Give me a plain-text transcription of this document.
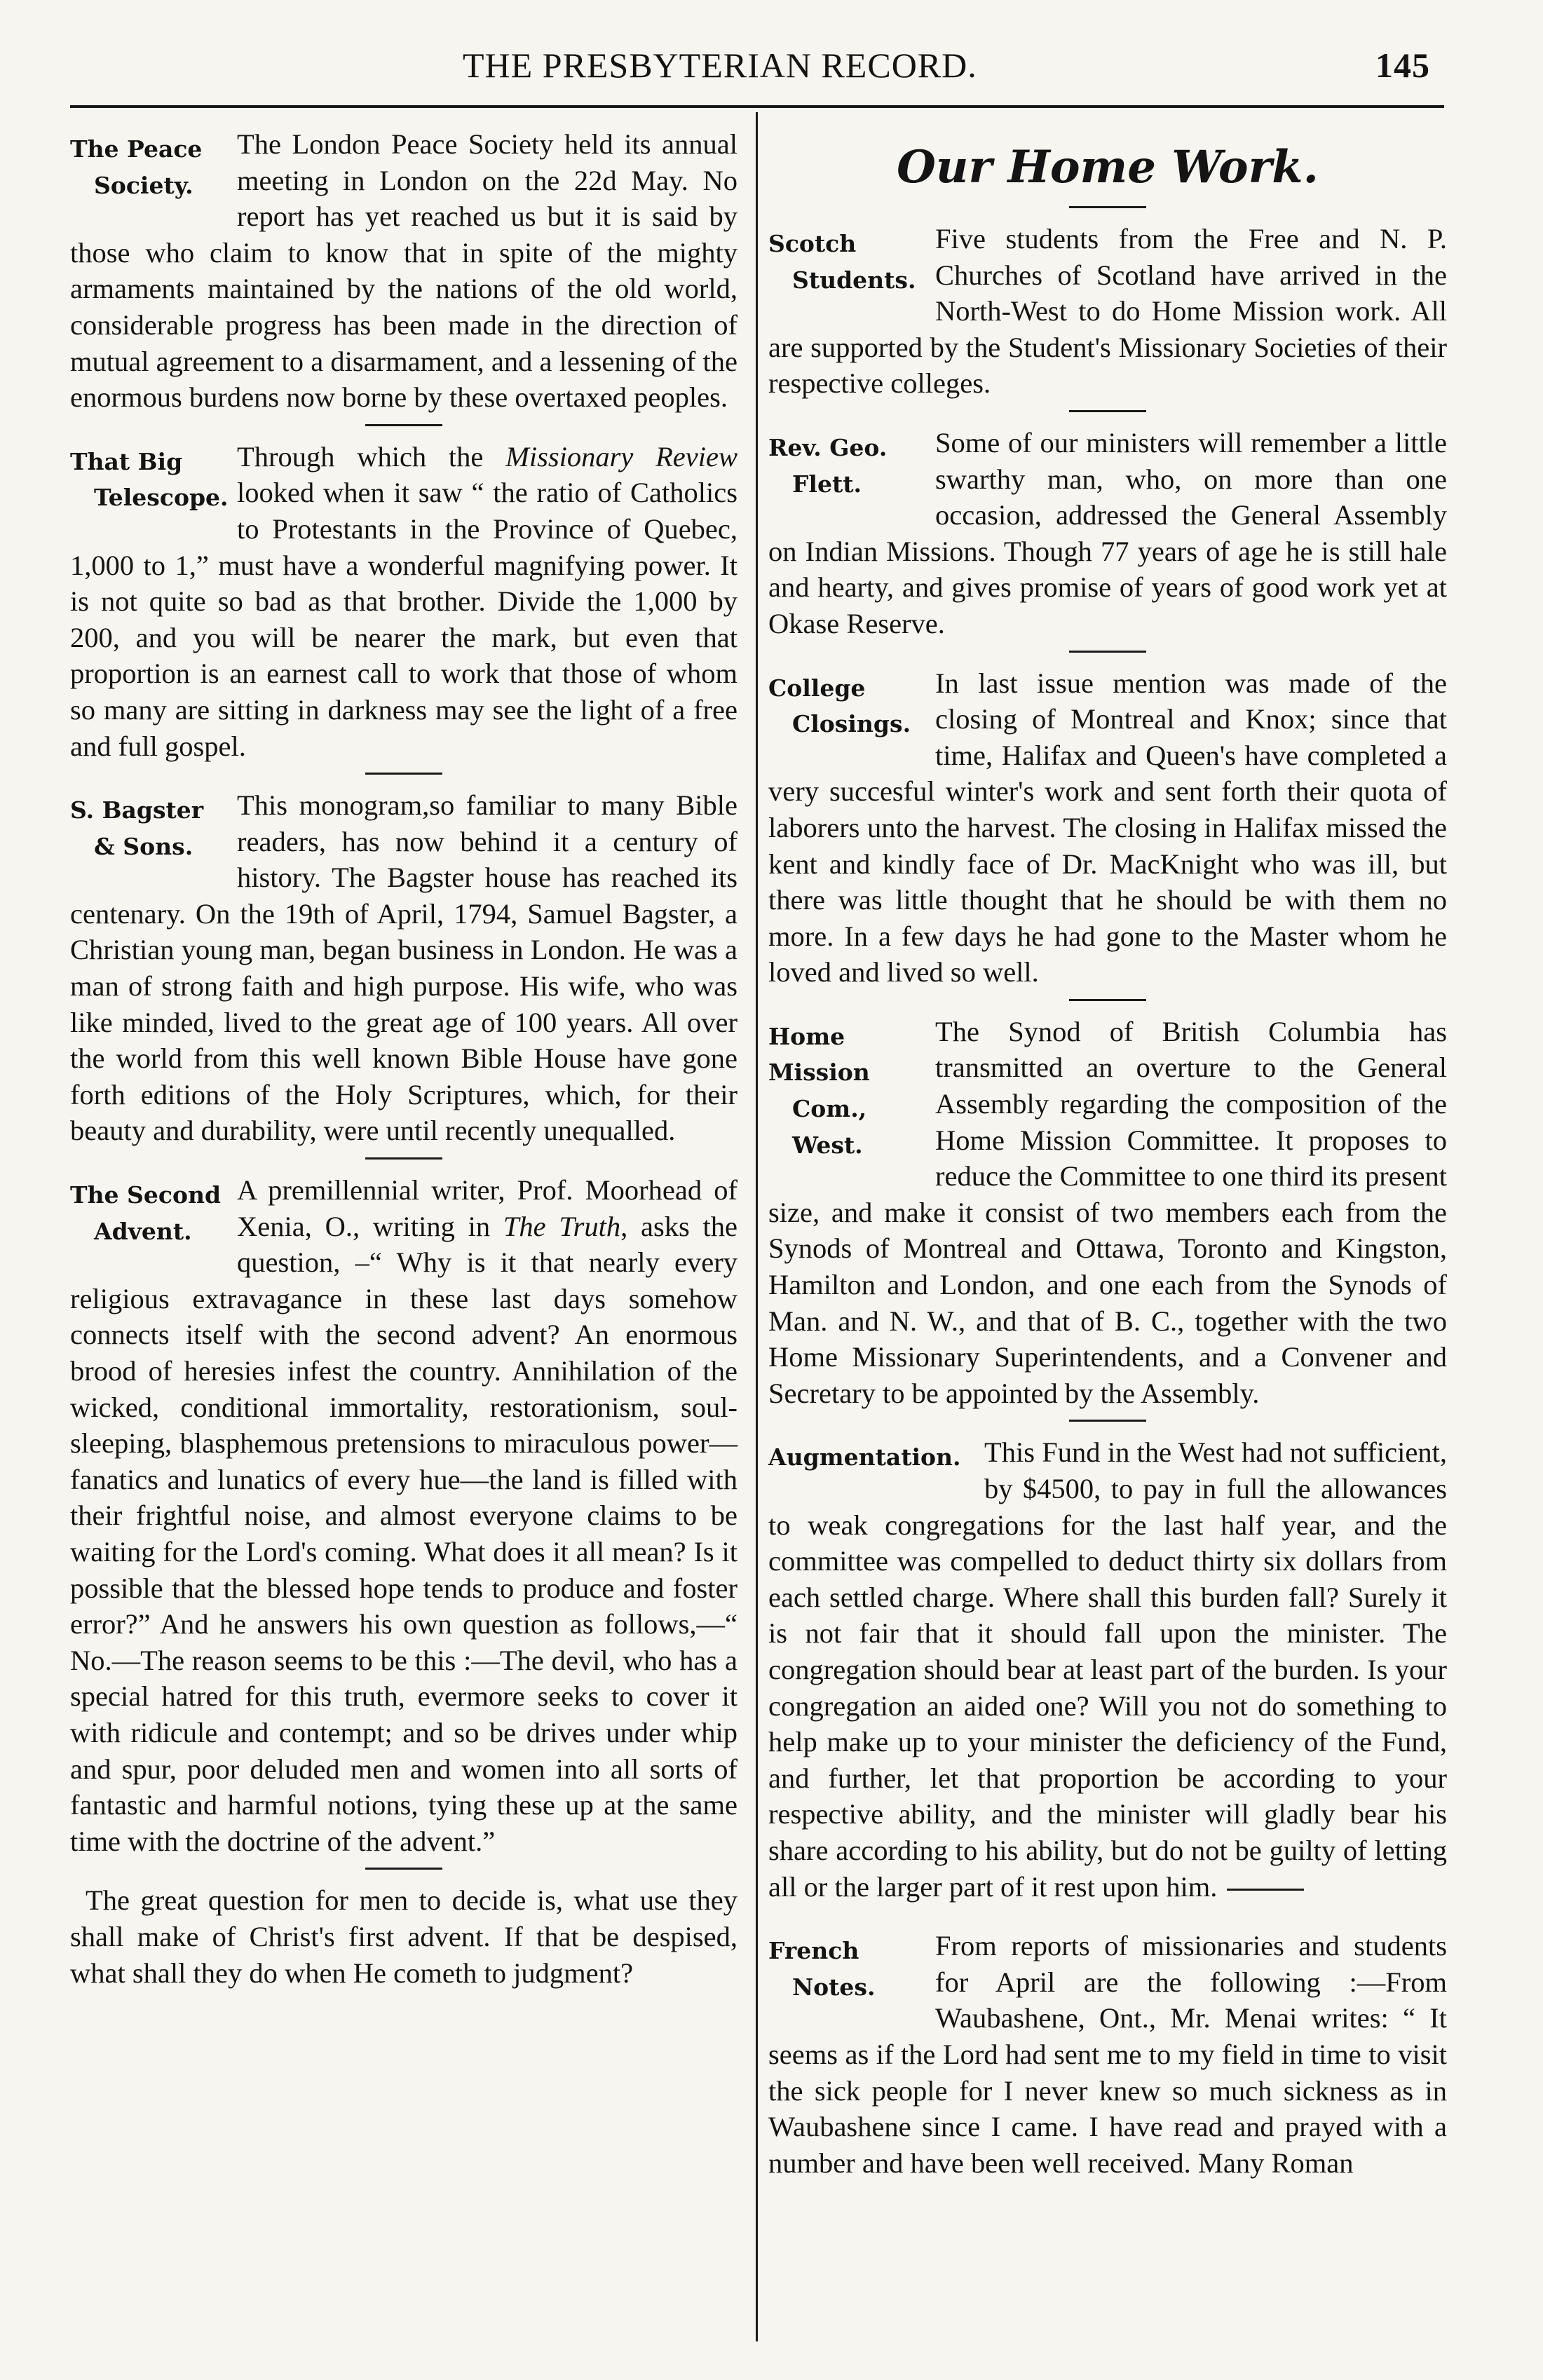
THE PRESBYTERIAN RECORD.	145
The Peace
Society.

The London Peace Society held its annual meeting in London on the 22d May. No report has yet reached us but it is said by those who claim to know that in spite of the mighty armaments maintained by the nations of the old world, considerable progress has been made in the direction of mutual agreement to a disarmament, and a lessening of the enormous burdens now borne by these overtaxed peoples.

That Big
Telescope.

Through which the Missionary Review looked when it saw “ the ratio of Catholics to Protestants in the Province of Quebec, 1,000 to 1,” must have a wonderful magnifying power. It is not quite so bad as that brother. Divide the 1,000 by 200, and you will be nearer the mark, but even that proportion is an earnest call to work that those of whom so many are sitting in darkness may see the light of a free and full gospel.

S. Bagster
& Sons.

This monogram,so familiar to many Bible readers, has now behind it a century of history. The Bagster house has reached its centenary. On the 19th of April, 1794, Samuel Bagster, a Christian young man, began business in London. He was a man of strong faith and high purpose. His wife, who was like minded, lived to the great age of 100 years. All over the world from this well known Bible House have gone forth editions of the Holy Scriptures, which, for their beauty and durability, were until recently unequalled.

The Second
Advent.

A premillennial writer, Prof. Moorhead of Xenia, O., writing in The Truth, asks the question, –“ Why is it that nearly every religious extravagance in these last days somehow connects itself with the second advent? An enormous brood of heresies infest the country. Annihilation of the wicked, conditional immortality, restorationism, soul-sleeping, blasphemous pretensions to miraculous power—fanatics and lunatics of every hue—the land is filled with their frightful noise, and almost everyone claims to be waiting for the Lord's coming. What does it all mean? Is it possible that the blessed hope tends to produce and foster error?” And he answers his own question as follows,—“ No.—The reason seems to be this :—The devil, who has a special hatred for this truth, evermore seeks to cover it with ridicule and contempt; and so be drives under whip and spur, poor deluded men and women into all sorts of fantastic and harmful notions, tying these up at the same time with the doctrine of the advent.”

The great question for men to decide is, what use they shall make of Christ's first advent. If that be despised, what shall they do when He cometh to judgment?

Our Home Work.
Scotch
Students.

Five students from the Free and N. P. Churches of Scotland have arrived in the North-West to do Home Mission work. All are supported by the Student's Missionary Societies of their respective colleges.

Rev. Geo.
Flett.

Some of our ministers will remember a little swarthy man, who, on more than one occasion, addressed the General Assembly on Indian Missions. Though 77 years of age he is still hale and hearty, and gives promise of years of good work yet at Okase Reserve.

College
Closings.

In last issue mention was made of the closing of Montreal and Knox; since that time, Halifax and Queen's have completed a very succesful winter's work and sent forth their quota of laborers unto the harvest. The closing in Halifax missed the kent and kindly face of Dr. MacKnight who was ill, but there was little thought that he should be with them no more. In a few days he had gone to the Master whom he loved and lived so well.

Home Mission
Com., West.

The Synod of British Columbia has transmitted an overture to the General Assembly regarding the composition of the Home Mission Committee. It proposes to reduce the Committee to one third its present size, and make it consist of two members each from the Synods of Montreal and Ottawa, Toronto and Kingston, Hamilton and London, and one each from the Synods of Man. and N. W., and that of B. C., together with the two Home Missionary Superintendents, and a Convener and Secretary to be appointed by the Assembly.

Augmentation. This Fund in the West had not sufficient, by $4500, to pay in full the allowances to weak congregations for the last half year, and the committee was compelled to deduct thirty six dollars from each settled charge. Where shall this burden fall? Surely it is not fair that it should fall upon the minister. The congregation should bear at least part of the burden. Is your congregation an aided one? Will you not do something to help make up to your minister the deficiency of the Fund, and further, let that proportion be according to your respective ability, and the minister will gladly bear his share according to his ability, but do not be guilty of letting all or the larger part of it rest upon him.

French
Notes.

From reports of missionaries and students for April are the following :—From Waubashene, Ont., Mr. Menai writes: “ It seems as if the Lord had sent me to my field in time to visit the sick people for I never knew so much sickness as in Waubashene since I came. I have read and prayed with a number and have been well received. Many Roman
